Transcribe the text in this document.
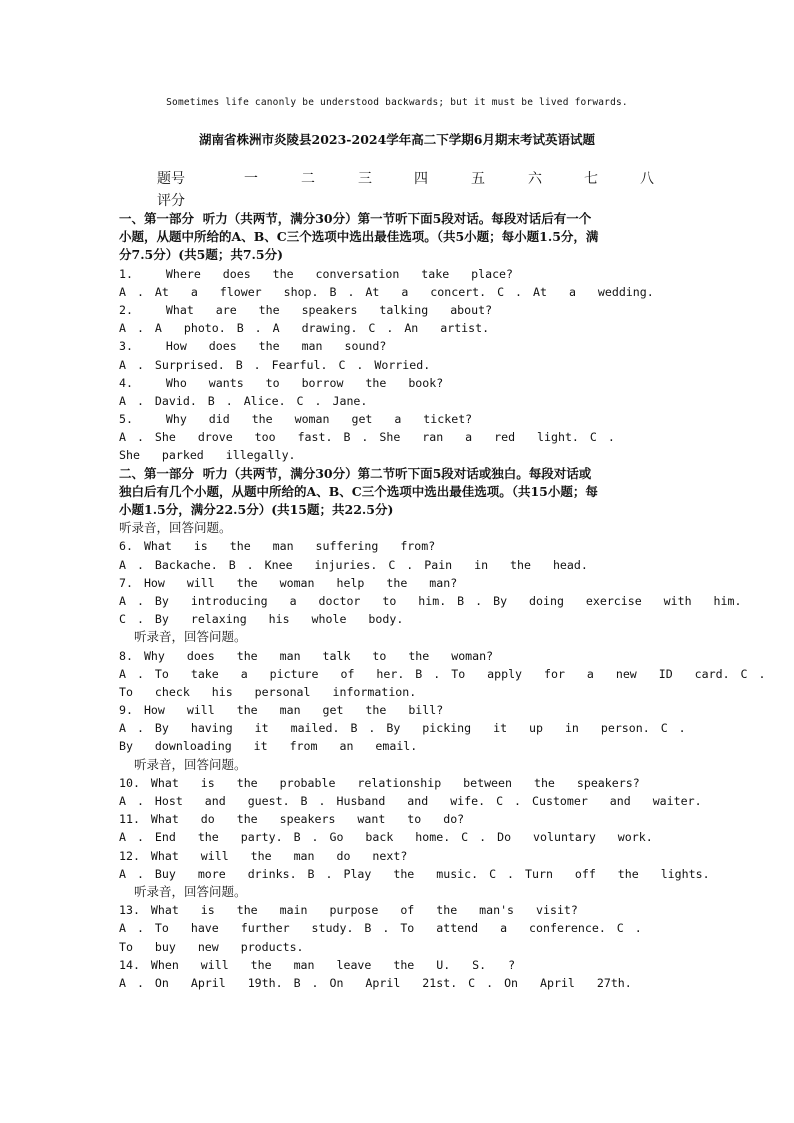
Sometimes life canonly be understood backwards; but it must be lived forwards.
湖南省株洲市炎陵县2023-2024学年高二下学期6月期末考试英语试题
题号	一	二	三	四	五	六	七	八
评分
一、第一部分  听力（共两节，满分30分）第一节听下面5段对话。每段对话后有一个
小题，从题中所给的A、B、C三个选项中选出最佳选项。（共5小题；每小题1.5分，满
分7.5分）(共5题；共7.5分)
1.   Where  does  the  conversation  take  place?
A . At  a  flower  shop. B . At  a  concert. C . At  a  wedding.
2.   What  are  the  speakers  talking  about?
A . A  photo. B . A  drawing. C . An  artist.
3.   How  does  the  man  sound?
A . Surprised. B . Fearful. C . Worried.
4.   Who  wants  to  borrow  the  book?
A . David. B . Alice. C . Jane.
5.   Why  did  the  woman  get  a  ticket?
A . She  drove  too  fast. B . She  ran  a  red  light. C .
She  parked  illegally.
二、第一部分  听力（共两节，满分30分）第二节听下面5段对话或独白。每段对话或
独白后有几个小题，从题中所给的A、B、C三个选项中选出最佳选项。（共15小题；每
小题1.5分，满分22.5分）(共15题；共22.5分)
听录音，回答问题。
6. What  is  the  man  suffering  from?
A . Backache. B . Knee  injuries. C . Pain  in  the  head.
7. How  will  the  woman  help  the  man?
A . By  introducing  a  doctor  to  him. B . By  doing  exercise  with  him.
C . By  relaxing  his  whole  body.
听录音，回答问题。
8. Why  does  the  man  talk  to  the  woman?
A . To  take  a  picture  of  her. B . To  apply  for  a  new  ID  card. C .
To  check  his  personal  information.
9. How  will  the  man  get  the  bill?
A . By  having  it  mailed. B . By  picking  it  up  in  person. C .
By  downloading  it  from  an  email.
听录音，回答问题。
10. What  is  the  probable  relationship  between  the  speakers?
A . Host  and  guest. B . Husband  and  wife. C . Customer  and  waiter.
11. What  do  the  speakers  want  to  do?
A . End  the  party. B . Go  back  home. C . Do  voluntary  work.
12. What  will  the  man  do  next?
A . Buy  more  drinks. B . Play  the  music. C . Turn  off  the  lights.
听录音，回答问题。
13. What  is  the  main  purpose  of  the  man's  visit?
A . To  have  further  study. B . To  attend  a  conference. C .
To  buy  new  products.
14. When  will  the  man  leave  the  U.  S.  ?
A . On  April  19th. B . On  April  21st. C . On  April  27th.
